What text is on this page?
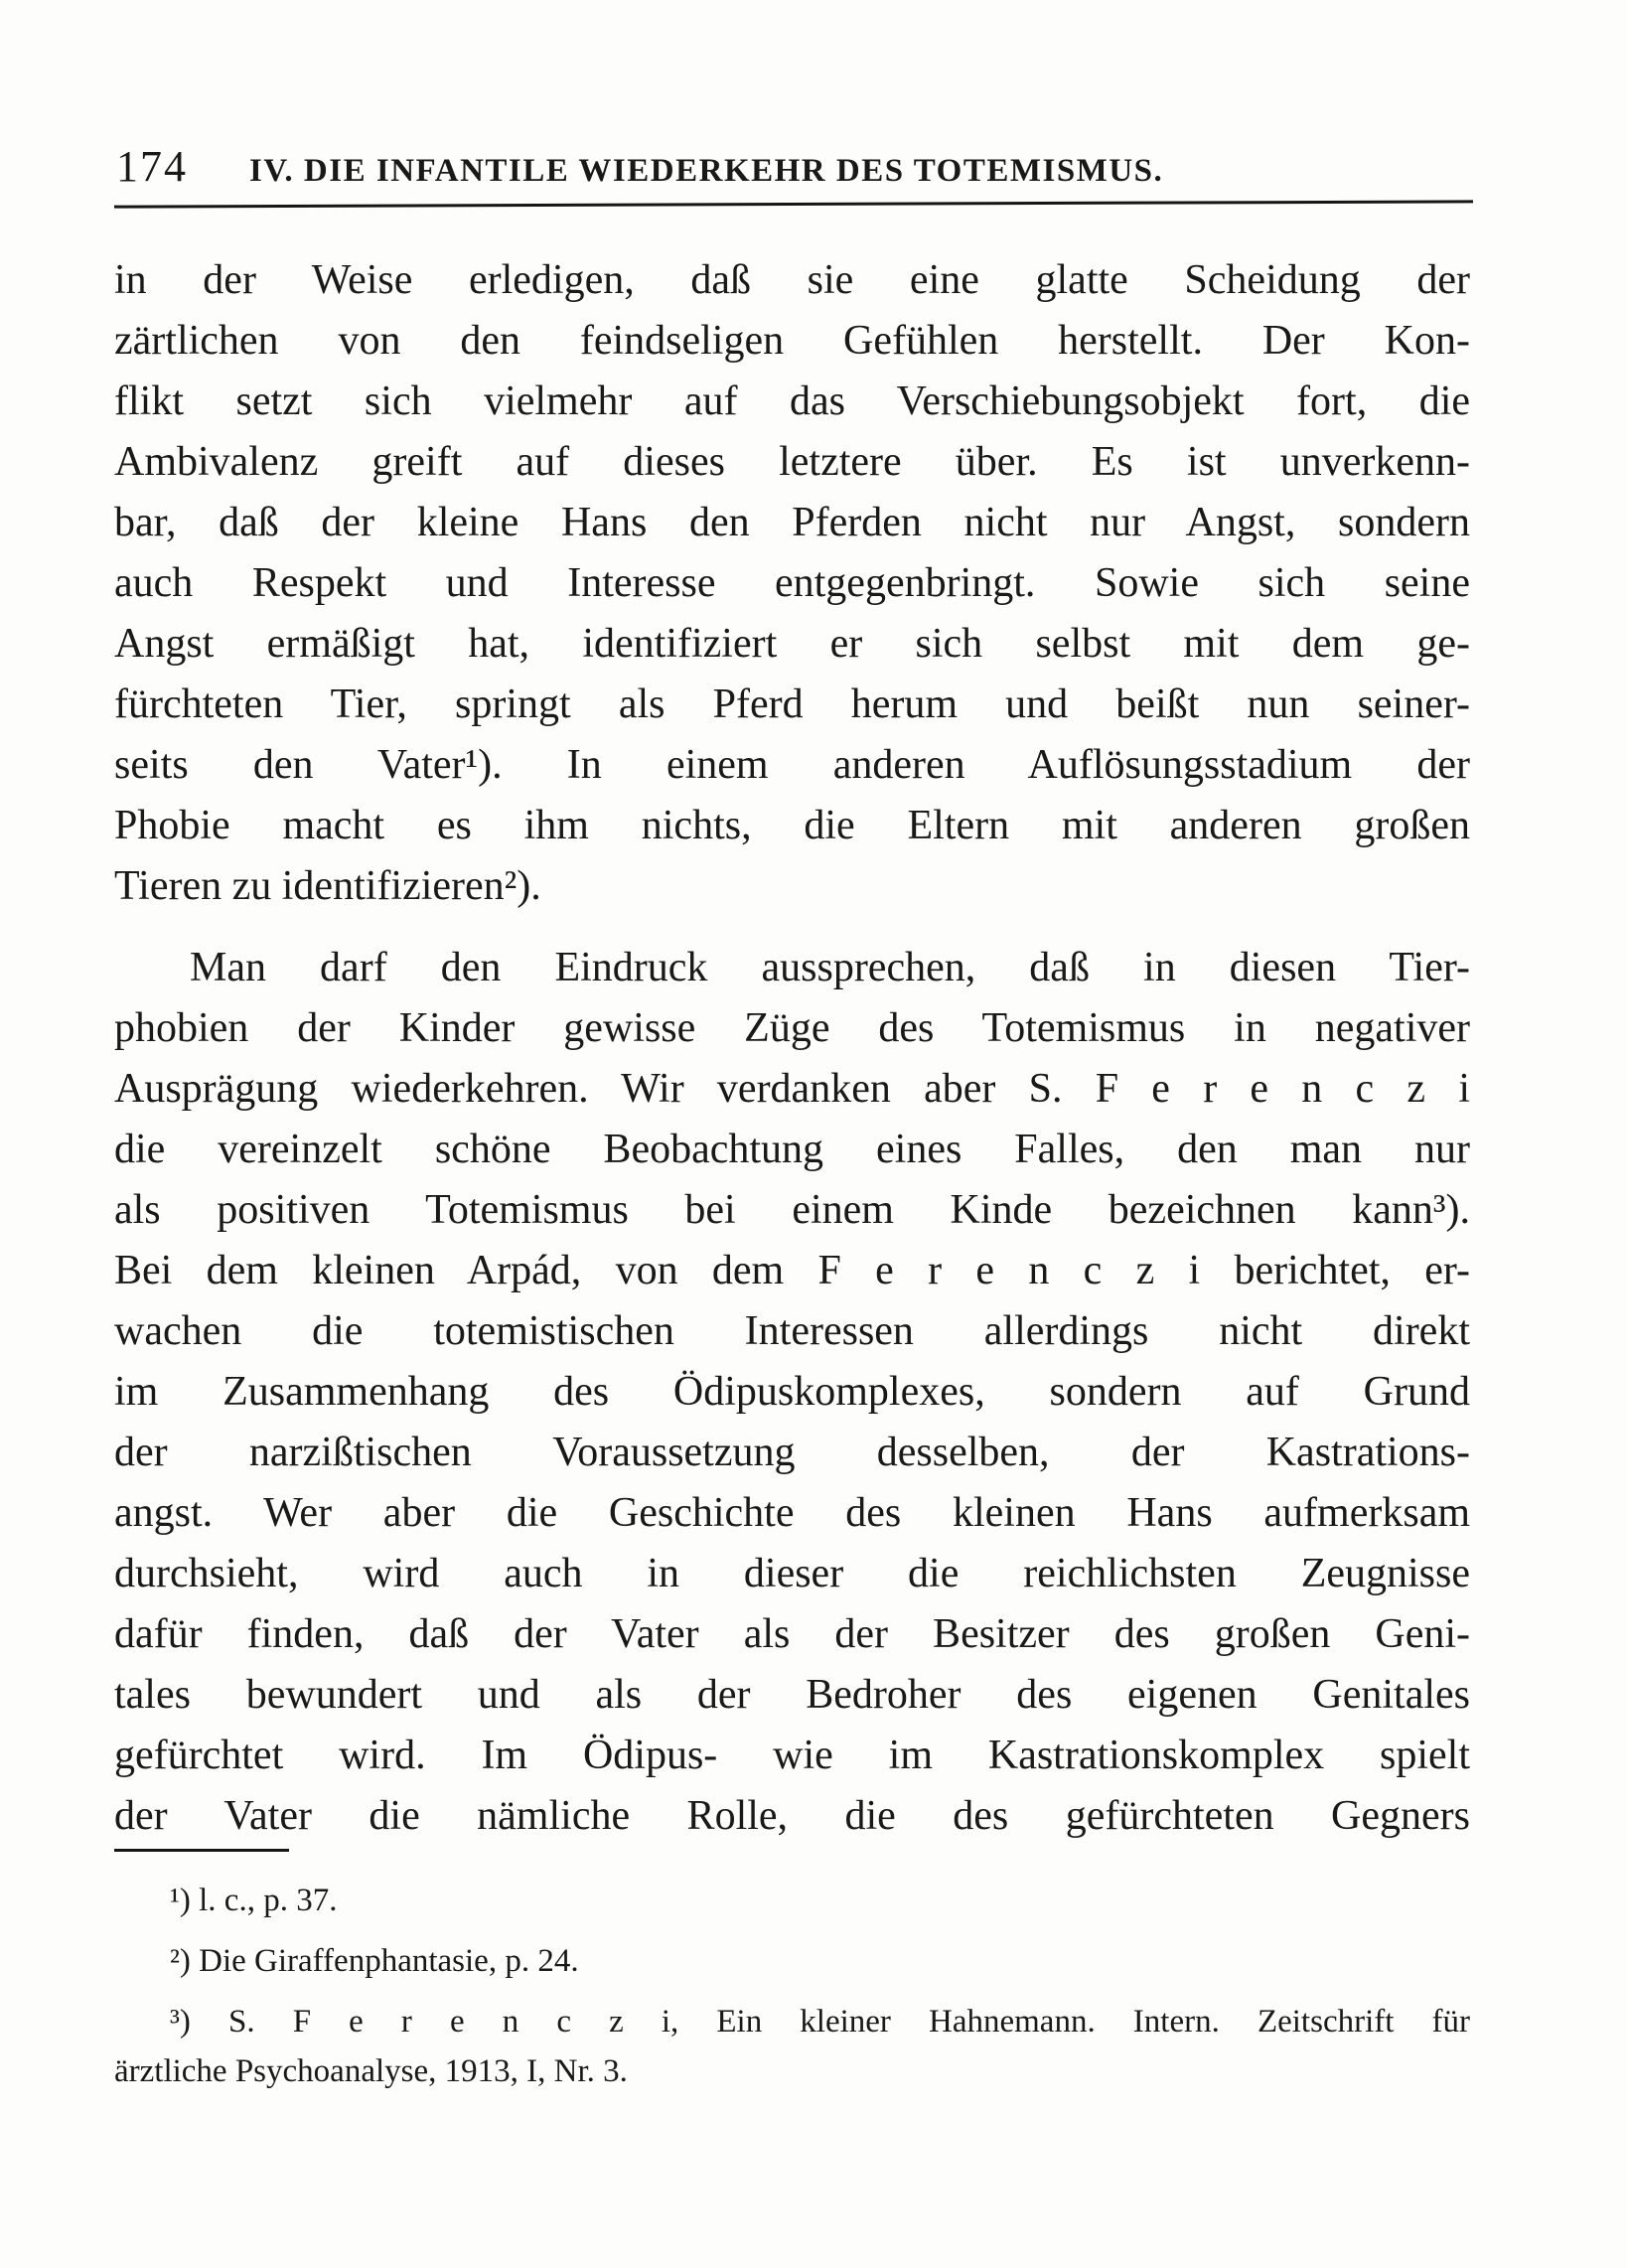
174 IV. DIE INFANTILE WIEDERKEHR DES TOTEMISMUS.
in der Weise erledigen, daß sie eine glatte Scheidung der
zärtlichen von den feindseligen Gefühlen herstellt. Der Kon-
flikt setzt sich vielmehr auf das Verschiebungsobjekt fort, die
Ambivalenz greift auf dieses letztere über. Es ist unverkenn-
bar, daß der kleine Hans den Pferden nicht nur Angst, sondern
auch Respekt und Interesse entgegenbringt. Sowie sich seine
Angst ermäßigt hat, identifiziert er sich selbst mit dem ge-
fürchteten Tier, springt als Pferd herum und beißt nun seiner-
seits den Vater¹). In einem anderen Auflösungsstadium der
Phobie macht es ihm nichts, die Eltern mit anderen großen
Tieren zu identifizieren²).
Man darf den Eindruck aussprechen, daß in diesen Tier-
phobien der Kinder gewisse Züge des Totemismus in negativer
Ausprägung wiederkehren. Wir verdanken aber S. F e r e n c z i
die vereinzelt schöne Beobachtung eines Falles, den man nur
als positiven Totemismus bei einem Kinde bezeichnen kann³).
Bei dem kleinen Arpád, von dem F e r e n c z i berichtet, er-
wachen die totemistischen Interessen allerdings nicht direkt
im Zusammenhang des Ödipuskomplexes, sondern auf Grund
der narzißtischen Voraussetzung desselben, der Kastrations-
angst. Wer aber die Geschichte des kleinen Hans aufmerksam
durchsieht, wird auch in dieser die reichlichsten Zeugnisse
dafür finden, daß der Vater als der Besitzer des großen Geni-
tales bewundert und als der Bedroher des eigenen Genitales
gefürchtet wird. Im Ödipus- wie im Kastrationskomplex spielt
der Vater die nämliche Rolle, die des gefürchteten Gegners
¹) l. c., p. 37.
²) Die Giraffenphantasie, p. 24.
³) S. F e r e n c z i, Ein kleiner Hahnemann. Intern. Zeitschrift für
ärztliche Psychoanalyse, 1913, I, Nr. 3.
